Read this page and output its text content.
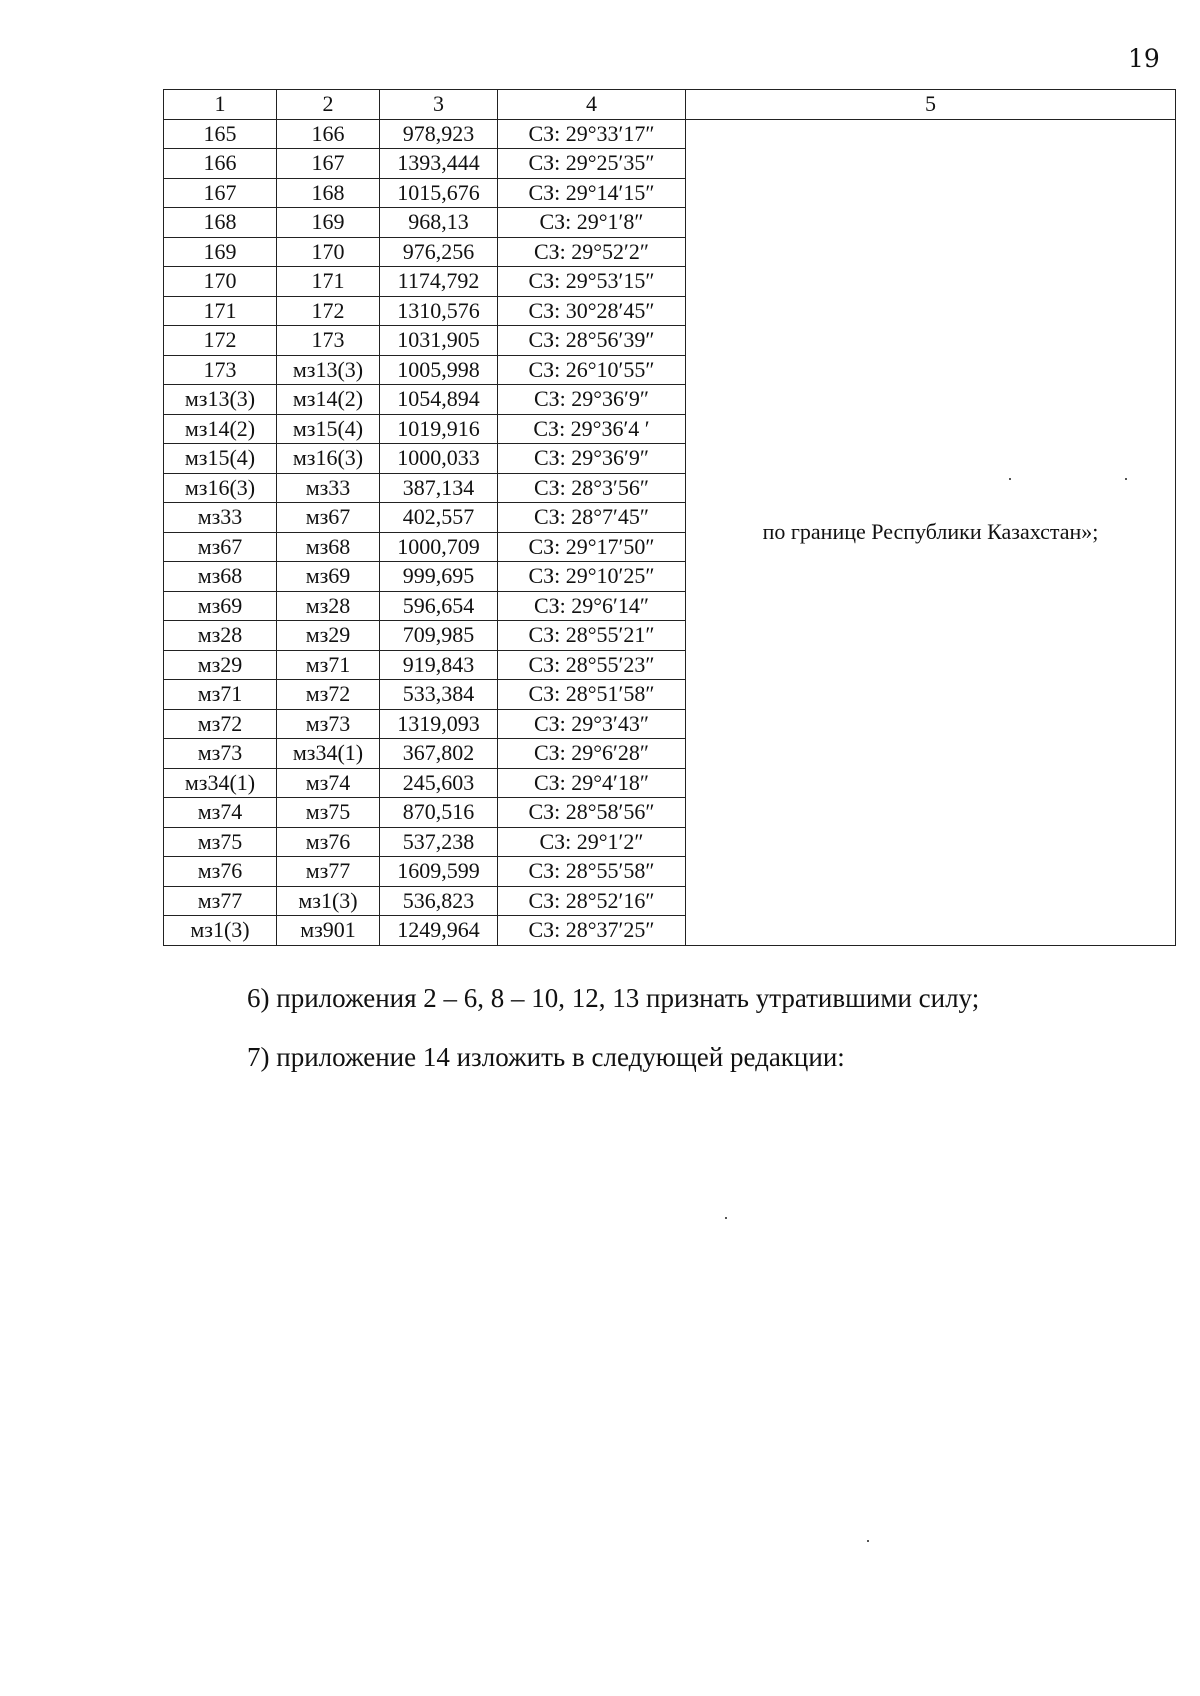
19
1	2	3	4	5
165	166	978,923	СЗ: 29°33′17″	по границе Республики Казахстан»;
166	167	1393,444	СЗ: 29°25′35″	
167	168	1015,676	СЗ: 29°14′15″	
168	169	968,13	СЗ: 29°1′8″	
169	170	976,256	СЗ: 29°52′2″	
170	171	1174,792	СЗ: 29°53′15″	
171	172	1310,576	СЗ: 30°28′45″	
172	173	1031,905	СЗ: 28°56′39″	
173	мз13(3)	1005,998	СЗ: 26°10′55″	
мз13(3)	мз14(2)	1054,894	СЗ: 29°36′9″	
мз14(2)	мз15(4)	1019,916	СЗ: 29°36′4 ′	
мз15(4)	мз16(3)	1000,033	СЗ: 29°36′9″	
мз16(3)	мз33	387,134	СЗ: 28°3′56″	
мз33	мз67	402,557	СЗ: 28°7′45″	
мз67	мз68	1000,709	СЗ: 29°17′50″	
мз68	мз69	999,695	СЗ: 29°10′25″	
мз69	мз28	596,654	СЗ: 29°6′14″	
мз28	мз29	709,985	СЗ: 28°55′21″	
мз29	мз71	919,843	СЗ: 28°55′23″	
мз71	мз72	533,384	СЗ: 28°51′58″	
мз72	мз73	1319,093	СЗ: 29°3′43″	
мз73	мз34(1)	367,802	СЗ: 29°6′28″	
мз34(1)	мз74	245,603	СЗ: 29°4′18″	
мз74	мз75	870,516	СЗ: 28°58′56″	
мз75	мз76	537,238	СЗ: 29°1′2″	
мз76	мз77	1609,599	СЗ: 28°55′58″	
мз77	мз1(3)	536,823	СЗ: 28°52′16″	
мз1(3)	мз901	1249,964	СЗ: 28°37′25″	
6) приложения 2 – 6, 8 – 10, 12, 13 признать утратившими силу;
7) приложение 14 изложить в следующей редакции:
